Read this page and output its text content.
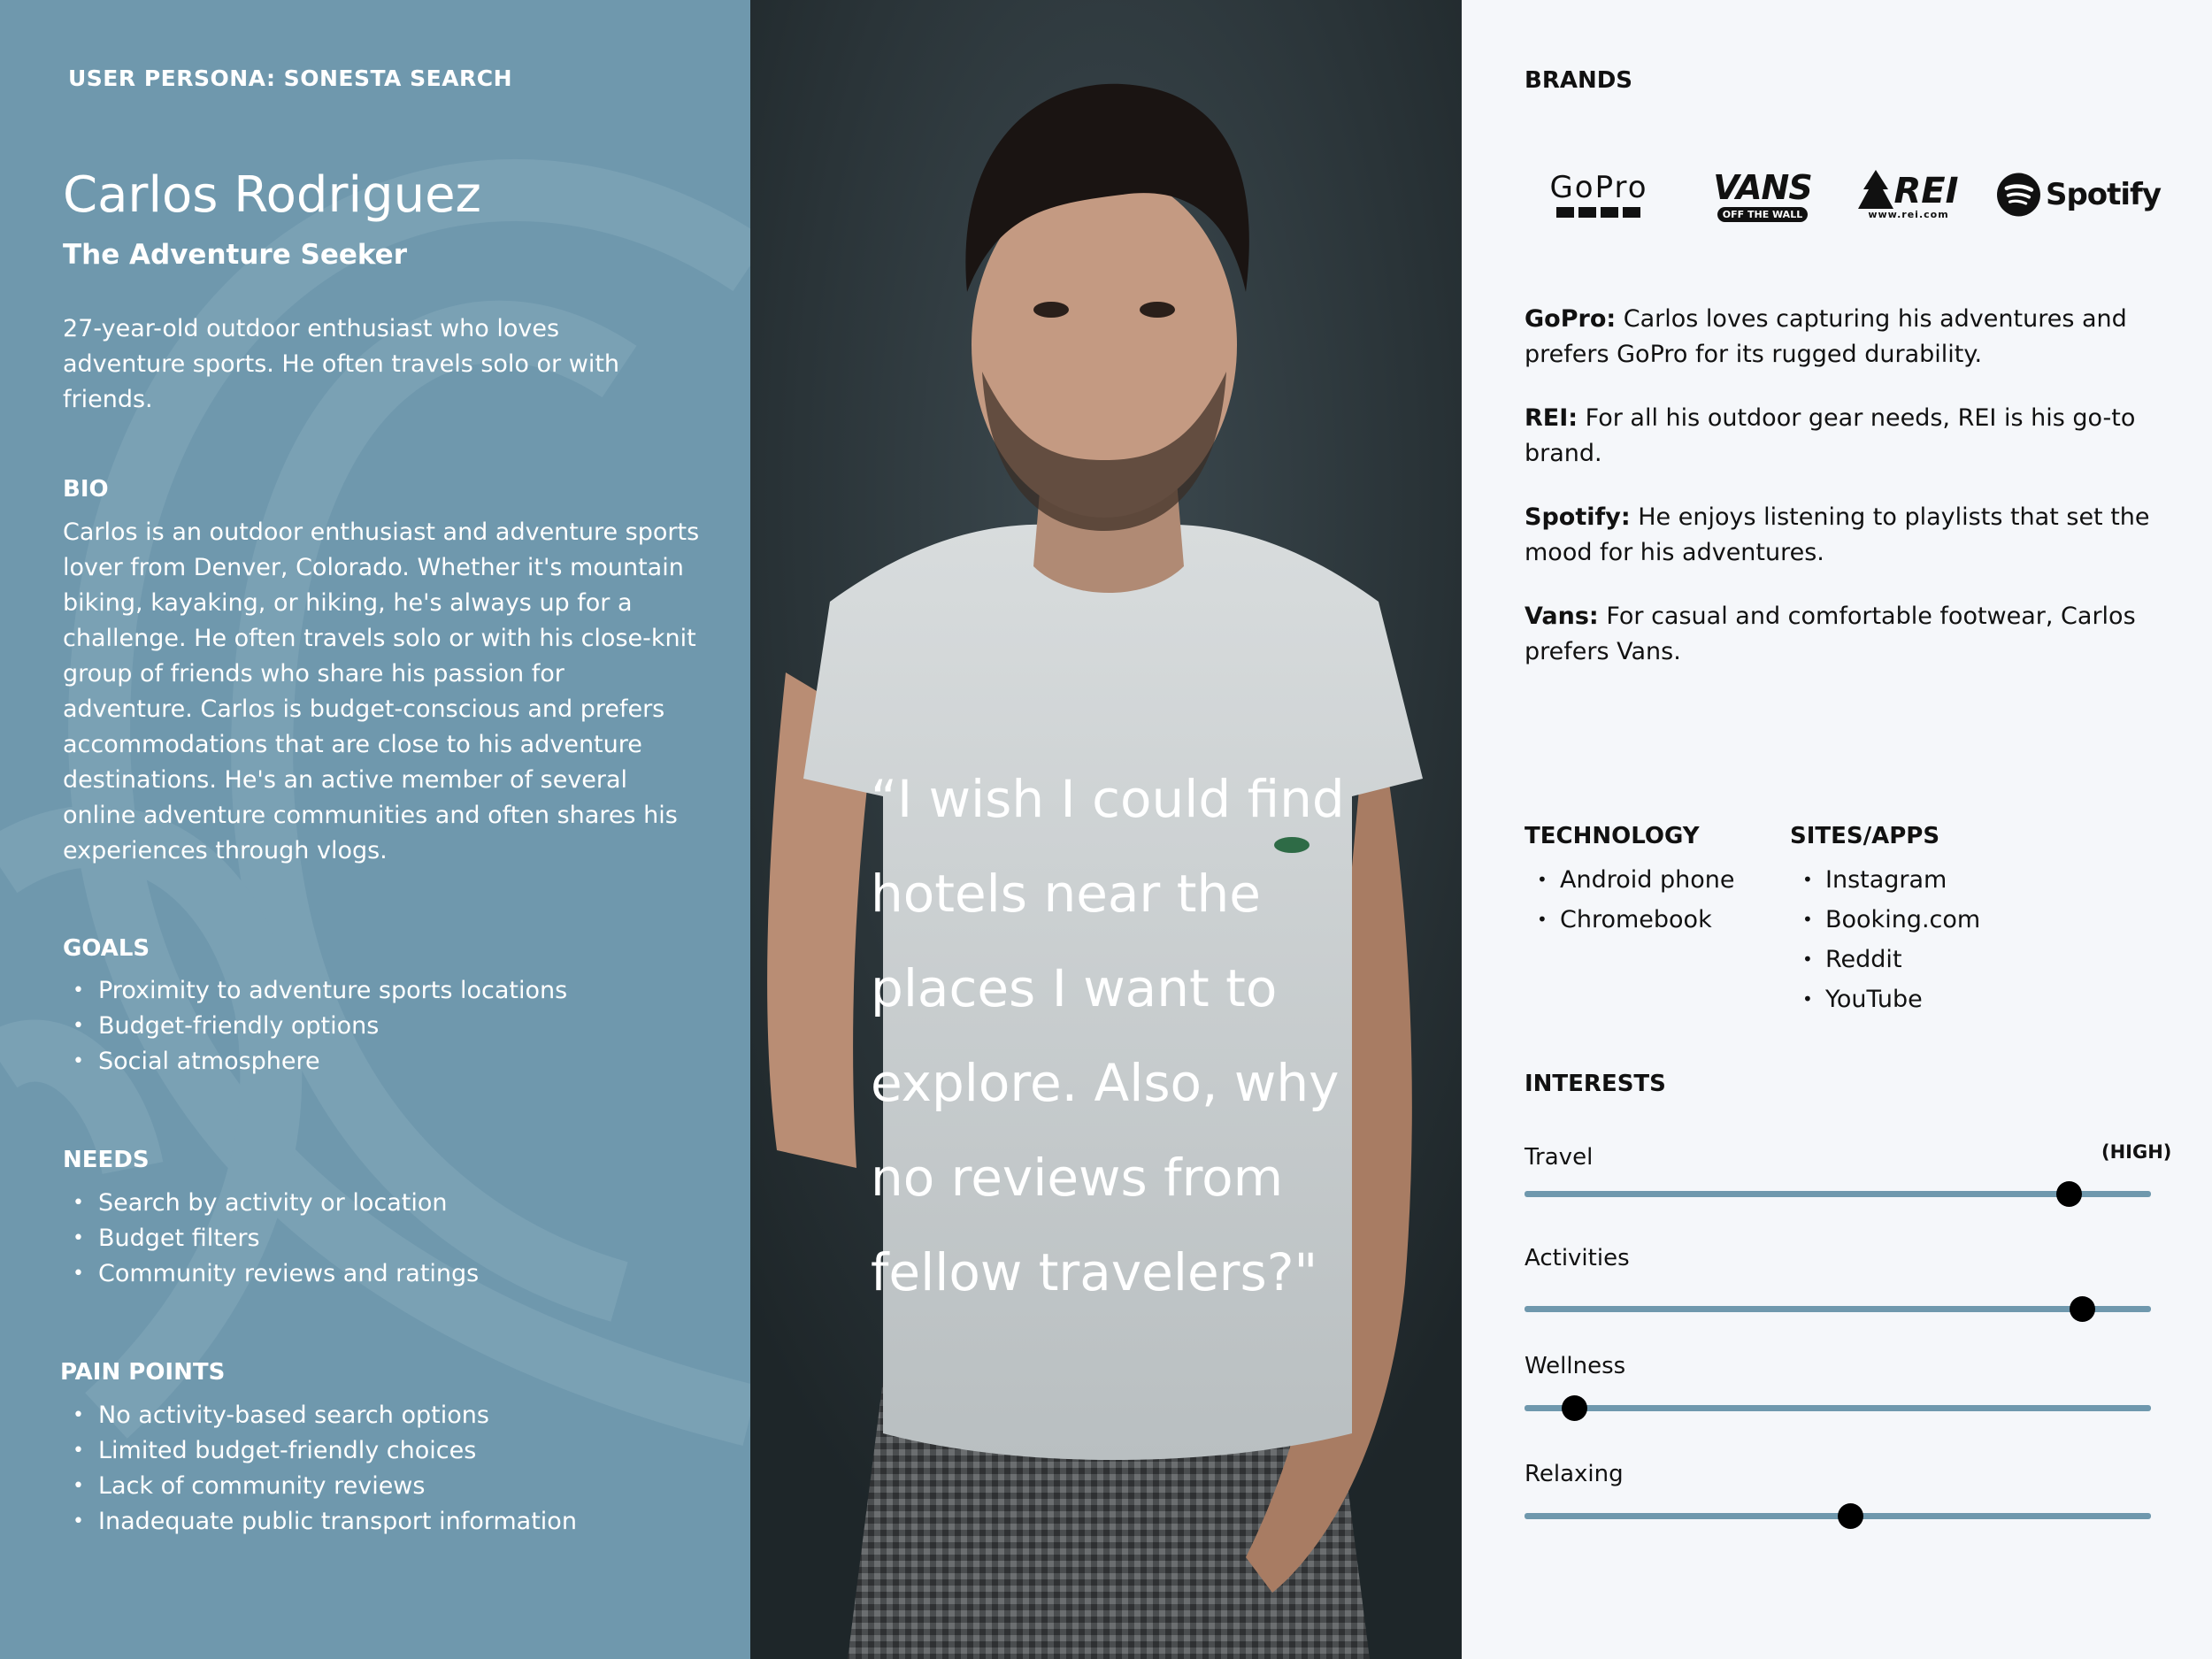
USER PERSONA: SONESTA SEARCH
Carlos Rodriguez
The Adventure Seeker
27-year-old outdoor enthusiast who loves adventure sports. He often travels solo or with friends.
BIO
Carlos is an outdoor enthusiast and adventure sports lover from Denver, Colorado. Whether it's mountain biking, kayaking, or hiking, he's always up for a challenge. He often travels solo or with his close-knit group of friends who share his passion for adventure. Carlos is budget-conscious and prefers accommodations that are close to his adventure destinations. He's an active member of several online adventure communities and often shares his experiences through vlogs.
GOALS
• Proximity to adventure sports locations
• Budget-friendly options
• Social atmosphere
NEEDS
• Search by activity or location
• Budget filters
• Community reviews and ratings
PAIN POINTS
• No activity-based search options
• Limited budget-friendly choices
• Lack of community reviews
• Inadequate public transport information
“I wish I could find hotels near the places I want to explore. Also, why no reviews from fellow travelers?"
BRANDS
GoPro VANS
OFF THE WALL
REI
www.rei.com
Spotify
GoPro: Carlos loves capturing his adventures and prefers GoPro for its rugged durability.
REI: For all his outdoor gear needs, REI is his go-to brand.
Spotify: He enjoys listening to playlists that set the mood for his adventures.
Vans: For casual and comfortable footwear, Carlos prefers Vans.
TECHNOLOGY
• Android phone
• Chromebook
SITES/APPS
• Instagram
• Booking.com
• Reddit
• YouTube
INTERESTS
(HIGH)
Travel
Activities
Wellness
Relaxing
